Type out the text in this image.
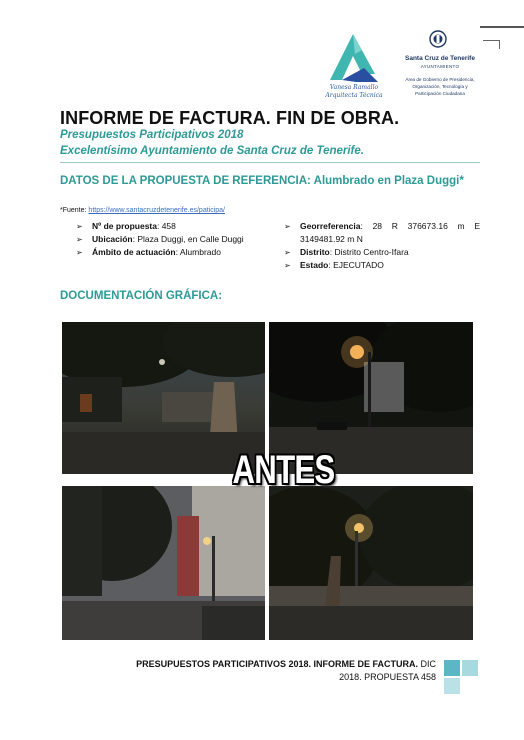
Vanesa Ramallo
Arquitecta Técnica
Santa Cruz de Tenerife
AYUNTAMIENTO
Área de Gobierno de Presidencia,
Organización, Tecnología y
Participación Ciudadana
INFORME DE FACTURA. FIN DE OBRA.
Presupuestos Participativos 2018
Excelentísimo Ayuntamiento de Santa Cruz de Tenerife.
DATOS DE LA PROPUESTA DE REFERENCIA: Alumbrado en Plaza Duggi*
*Fuente: https://www.santacruzdetenerife.es/paticipa/
➢ Nº de propuesta: 458
➢ Ubicación: Plaza Duggi, en Calle Duggi
➢ Ámbito de actuación: Alumbrado
➢ Georreferencia: 28 R 376673.16 m E 3149481.92 m N
➢ Distrito: Distrito Centro-Ifara
➢ Estado: EJECUTADO
DOCUMENTACIÓN GRÁFICA:
ANTES
PRESUPUESTOS PARTICIPATIVOS 2018. INFORME DE FACTURA. DIC
2018. PROPUESTA 458
